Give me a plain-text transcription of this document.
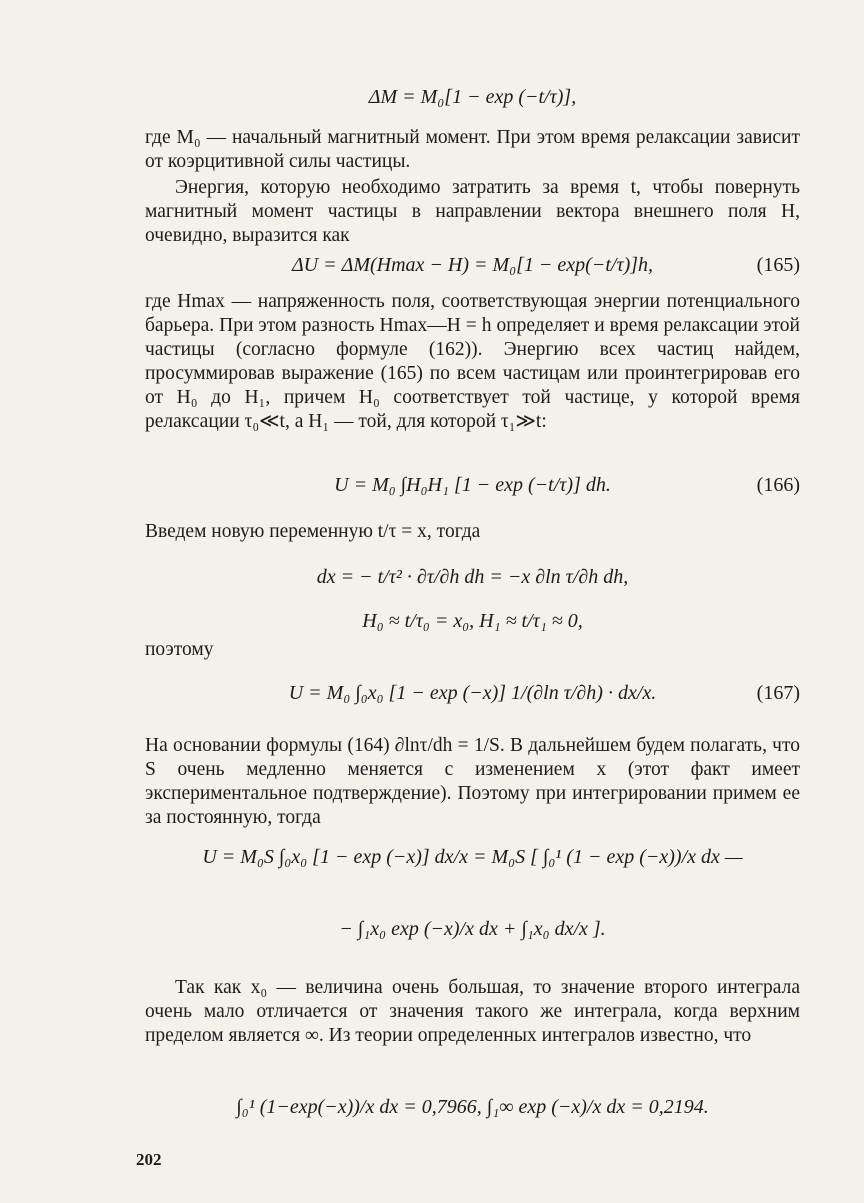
ΔM = M₀[1 − exp (−t/τ)],
где M₀ — начальный магнитный момент. При этом время релаксации зависит от коэрцитивной силы частицы.
Энергия, которую необходимо затратить за время t, чтобы повернуть магнитный момент частицы в направлении вектора внешнего поля H, очевидно, выразится как
ΔU = ΔM(Hmax − H) = M₀[1 − exp(−t/τ)]h,	(165)
где Hmax — напряженность поля, соответствующая энергии потенциального барьера. При этом разность Hmax—H = h определяет и время релаксации этой частицы (согласно формуле (162)). Энергию всех частиц найдем, просуммировав выражение (165) по всем частицам или проинтегрировав его от H₀ до H₁, причем H₀ соответствует той частице, у которой время релаксации τ₀≪t, а H₁ — той, для которой τ₁≫t:
U = M₀ ∫H₀H₁ [1 − exp (−t/τ)] dh.	(166)
Введем новую переменную t/τ = x, тогда
dx = − t/τ² · ∂τ/∂h dh = −x ∂ln τ/∂h dh,
H₀ ≈ t/τ₀ = x₀, H₁ ≈ t/τ₁ ≈ 0,
поэтому
U = M₀ ∫₀x₀ [1 − exp (−x)] 1/(∂ln τ/∂h) · dx/x.	(167)
На основании формулы (164) ∂lnτ/dh = 1/S. В дальнейшем будем полагать, что S очень медленно меняется с изменением x (этот факт имеет экспериментальное подтверждение). Поэтому при интегрировании примем ее за постоянную, тогда
U = M₀S ∫₀x₀ [1 − exp (−x)] dx/x = M₀S [ ∫₀¹ (1 − exp (−x))/x dx —
− ∫₁x₀ exp (−x)/x dx + ∫₁x₀ dx/x ].
Так как x₀ — величина очень большая, то значение второго интеграла очень мало отличается от значения такого же интеграла, когда верхним пределом является ∞. Из теории определенных интегралов известно, что
∫₀¹ (1−exp(−x))/x dx = 0,7966, ∫₁∞ exp (−x)/x dx = 0,2194.
202
